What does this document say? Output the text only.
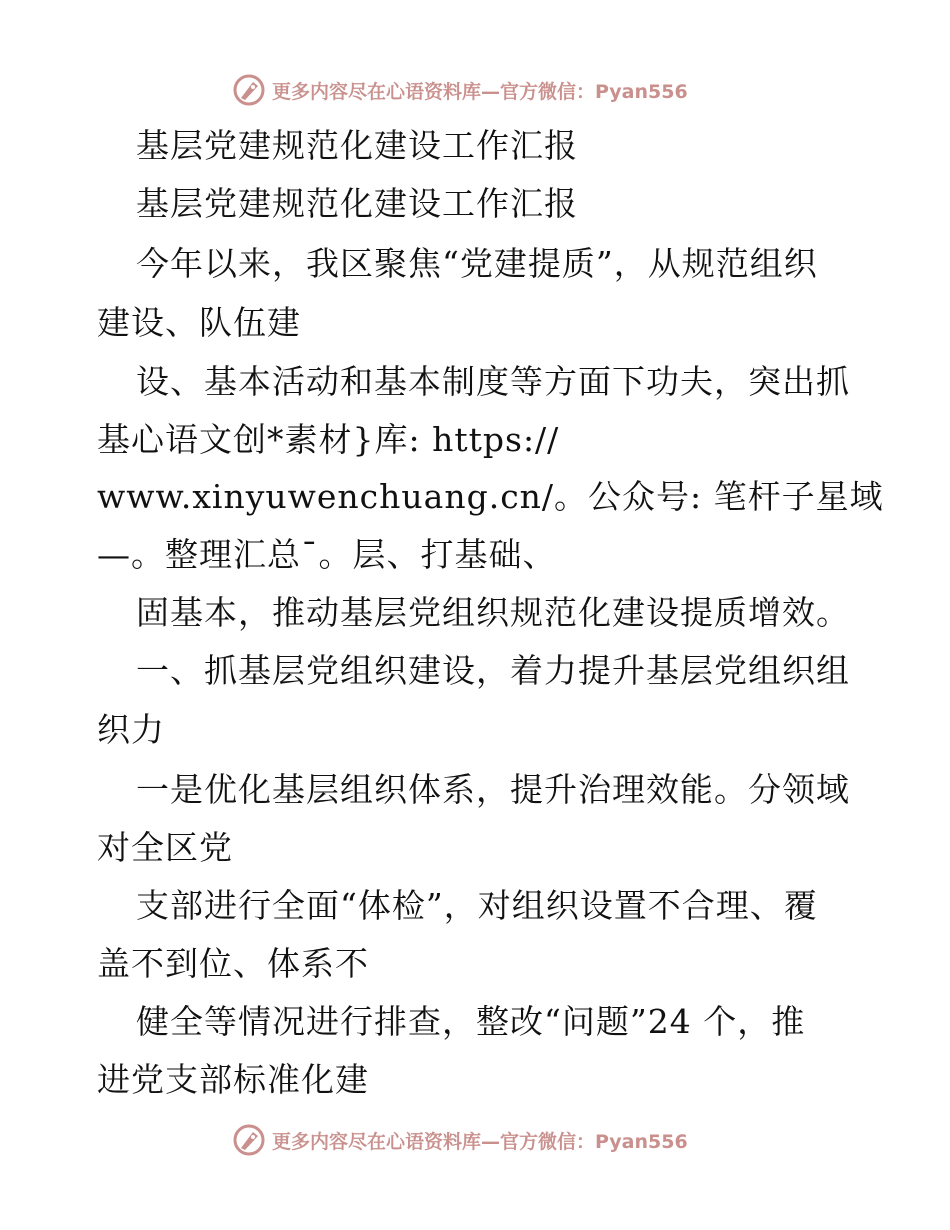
更多内容尽在心语资料库—官方微信：Pyan556
基层党建规范化建设工作汇报
基层党建规范化建设工作汇报
今年以来，我区聚焦“党建提质”，从规范组织
建设、队伍建
设、基本活动和基本制度等方面下功夫，突出抓
基心语文创*素材}库: https://
www.xinyuwenchuang.cn/。公众号: 笔杆子星域
—。整理汇总¯。层、打基础、
固基本，推动基层党组织规范化建设提质增效。
一、抓基层党组织建设，着力提升基层党组织组
织力
一是优化基层组织体系，提升治理效能。分领域
对全区党
支部进行全面“体检”，对组织设置不合理、覆
盖不到位、体系不
健全等情况进行排查，整改“问题”24 个，推
进党支部标准化建
更多内容尽在心语资料库—官方微信：Pyan556
